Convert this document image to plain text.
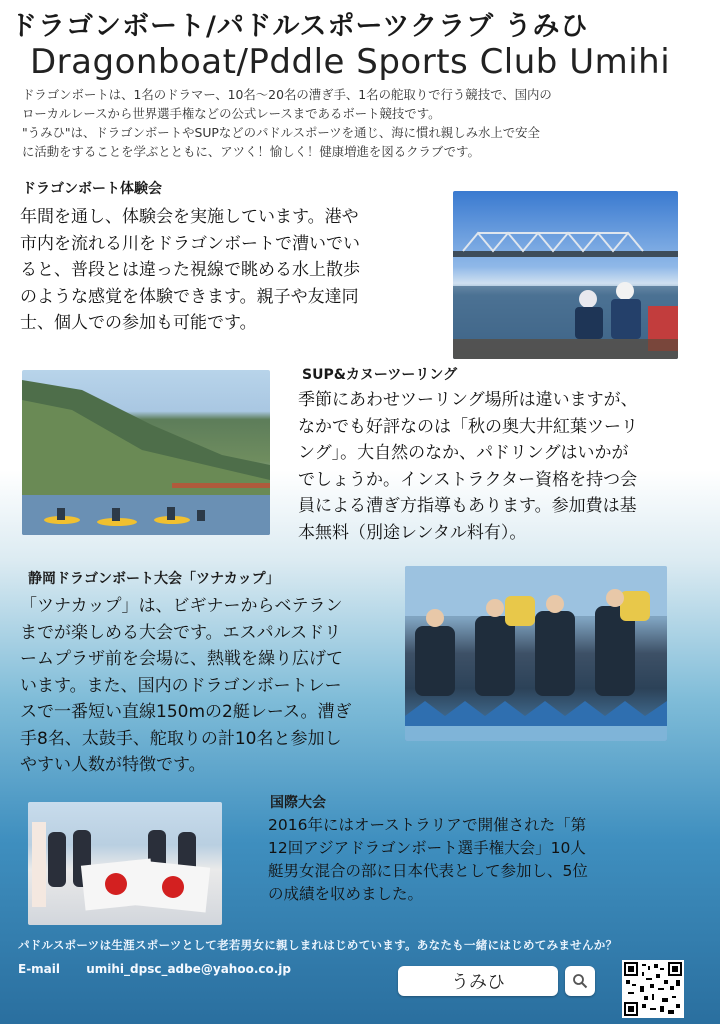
ドラゴンボート/パドルスポーツクラブ うみひ
Dragonboat/Pddle Sports Club Umihi

ドラゴンボートは、1名のドラマー、10名～20名の漕ぎ手、1名の舵取りで行う競技で、国内の

ローカルレースから世界選手権などの公式レースまであるボート競技です。

"うみひ"は、ドラゴンボートやSUPなどのパドルスポーツを通じ、海に慣れ親しみ水上で安全

に活動をすることを学ぶとともに、アツく！愉しく！健康増進を図るクラブです。

ドラゴンボート体験会
年間を通し、体験会を実施しています。港や
市内を流れる川をドラゴンボートで漕いでい
ると、普段とは違った視線で眺める水上散歩
のような感覚を体験できます。親子や友達同
士、個人での参加も可能です。
SUP&カヌーツーリング
季節にあわせツーリング場所は違いますが、
なかでも好評なのは「秋の奥大井紅葉ツーリ
ング」。大自然のなか、パドリングはいかが
でしょうか。インストラクター資格を持つ会
員による漕ぎ方指導もあります。参加費は基
本無料（別途レンタル料有）。
静岡ドラゴンボート大会「ツナカップ」
「ツナカップ」は、ビギナーからベテラン
までが楽しめる大会です。エスパルスドリ
ームプラザ前を会場に、熱戦を繰り広げて
います。また、国内のドラゴンボートレー
スで一番短い直線150mの2艇レース。漕ぎ
手8名、太鼓手、舵取りの計10名と参加し
やすい人数が特徴です。
国際大会
2016年にはオーストラリアで開催された「第
12回アジアドラゴンボート選手権大会」10人
艇男女混合の部に日本代表として参加し、5位
の成績を収めました。
パドルスポーツは生涯スポーツとして老若男女に親しまれはじめています。あなたも一緒にはじめてみませんか？
E-mail umihi_dpsc_adbe@yahoo.co.jp
うみひ
